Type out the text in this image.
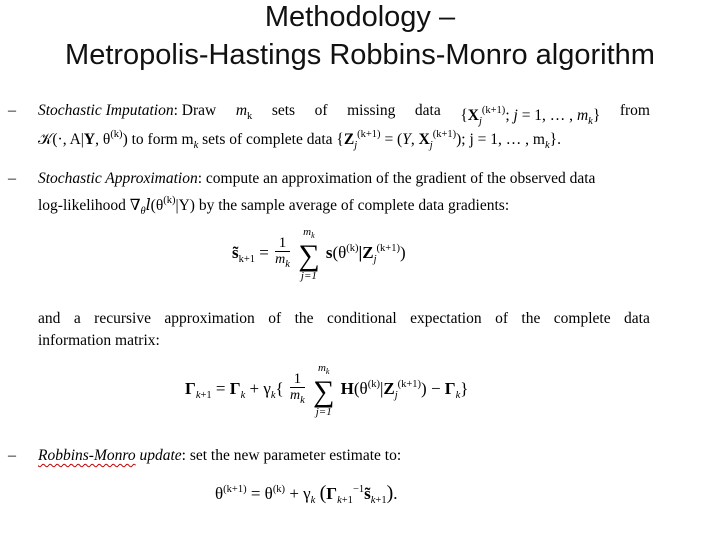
Methodology –
Metropolis-Hastings Robbins-Monro algorithm
– Stochastic Imputation: Draw $m_k$ sets of missing data {$X_j^{(k+1)}$; j = 1, … , $m_k$} from
𝒦(·, A|Y, $\theta^{(k)}$) to form $m_k$ sets of complete data {$Z_j^{(k+1)} = (Y$, $X_j^{(k+1)}$); j = 1, … , $m_k$}.
– Stochastic Approximation: compute an approximation of the gradient of the observed data
log-likelihood $\nabla_\theta 𝑙(\theta^{(k)}|Y)$ by the sample average of complete data gradients:
$s̃_{k+1} = \frac{1}{m_k}$

$m_k$
∑
j=1
$s(\theta^{(k)}|Z_j^{(k+1)})$
and a recursive approximation of the conditional expectation of the complete data
information matrix:
$\Gamma_{k+1} = \Gamma_k + \gamma_k\{ \frac{1}{m_k}$

$m_k$
∑
j=1
$H(\theta^{(k)}|Z_j^{(k+1)}) - \Gamma_k$}
– Robbins-Monro update: set the new parameter estimate to:
$\theta^{(k+1)} = \theta^{(k)} + \gamma_k$ $(\Gamma_{k+1}^{-1}s̃_{k+1})$.
